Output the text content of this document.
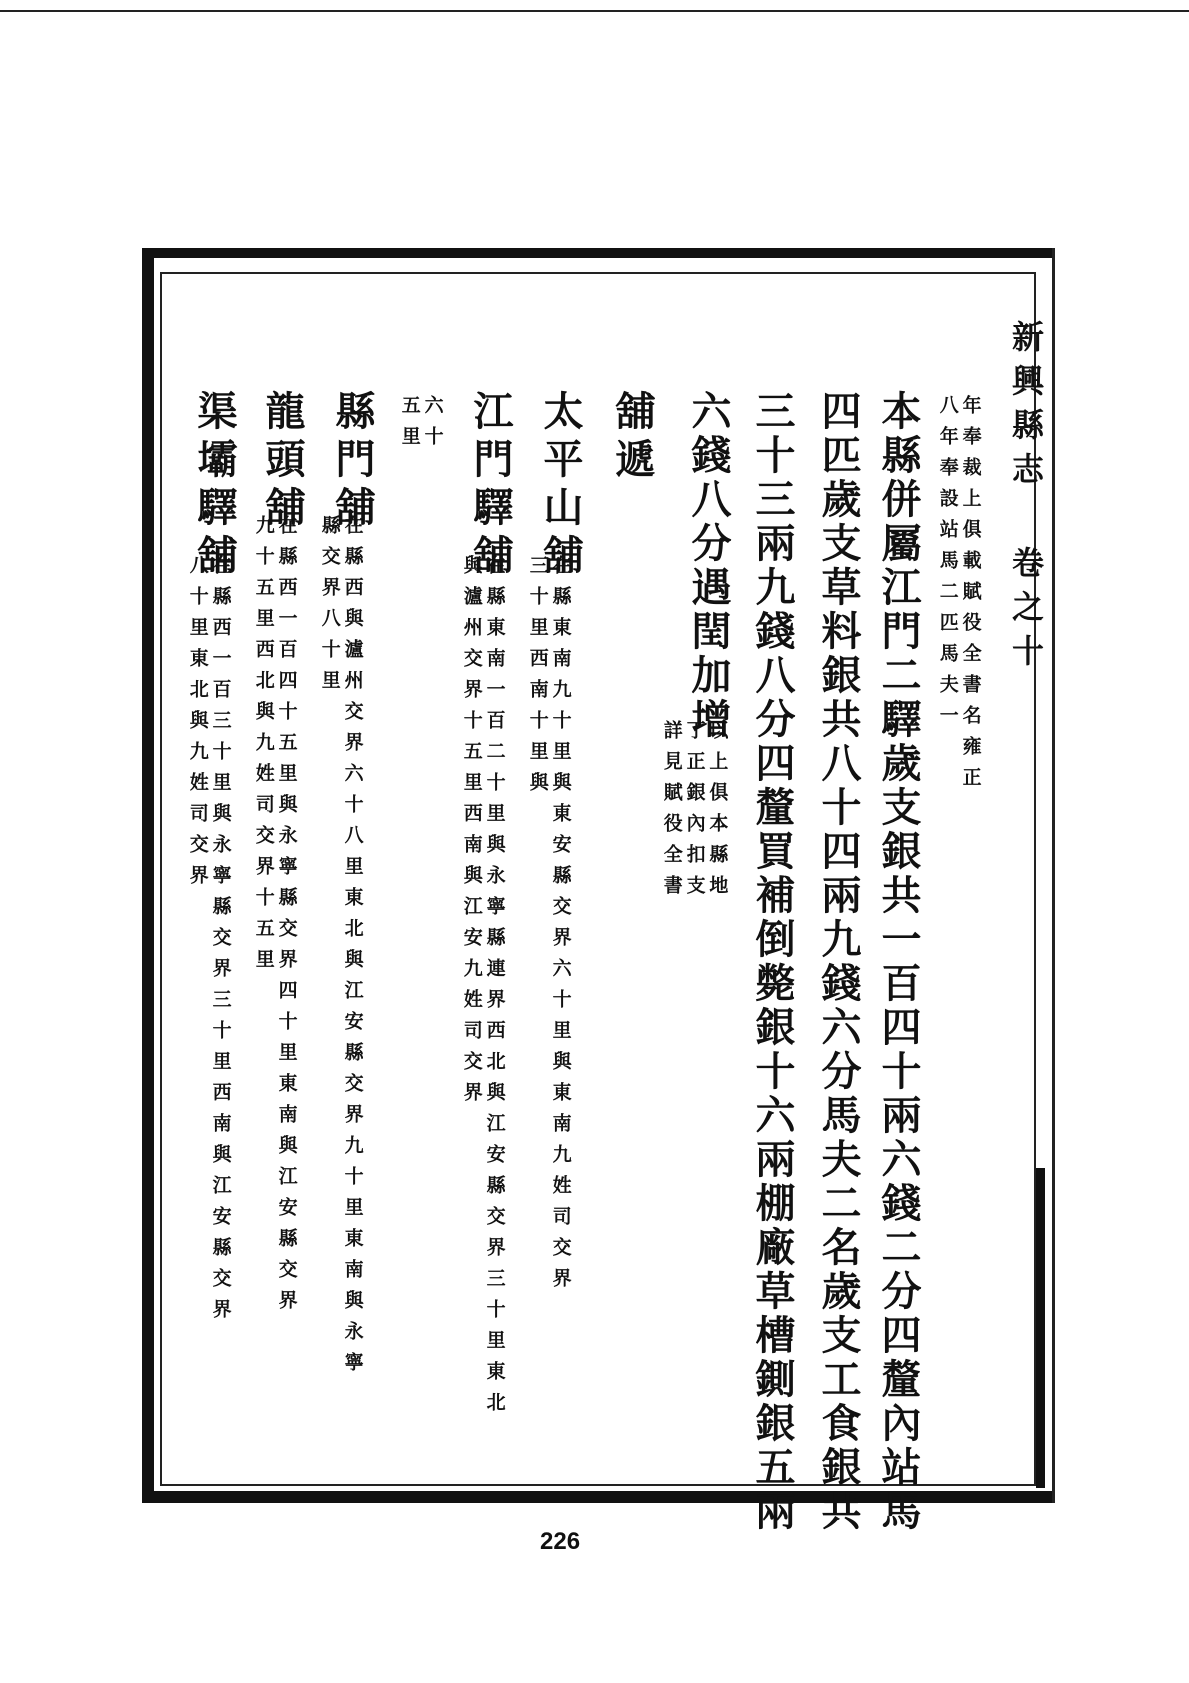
新興縣志 卷之十
年奉裁上俱載賦役全書名雍正八年奉設站馬二匹馬夫一
本縣併屬江門二驛歲支銀共一百四十兩六錢二分四釐內站馬
四匹歲支草料銀共八十四兩九錢六分馬夫二名歲支工食銀共
三十三兩九錢八分四釐買補倒斃銀十六兩棚廠草槽鍘銀五兩
六錢八分遇閏加增
以上俱本縣地丁正銀內扣支詳見賦役全書
舖遞
太平山舖
在縣東南九十里與東安縣交界六十里與東南九姓司交界三十里西南十里與
江門驛舖
在縣東南一百二十里與永寧縣連界西北與江安縣交界三十里東北與瀘州交界十五里西南與江安九姓司交界
六十五里
縣門舖
在縣西與瀘州交界六十八里東北與江安縣交界九十里東南與永寧縣交界八十里
龍頭舖
在縣西一百四十五里與永寧縣交界四十里東南與江安縣交界九十五里西北與九姓司交界十五里
渠壩驛舖
在縣西一百三十里與永寧縣交界三十里西南與江安縣交界八十里東北與九姓司交界
226
